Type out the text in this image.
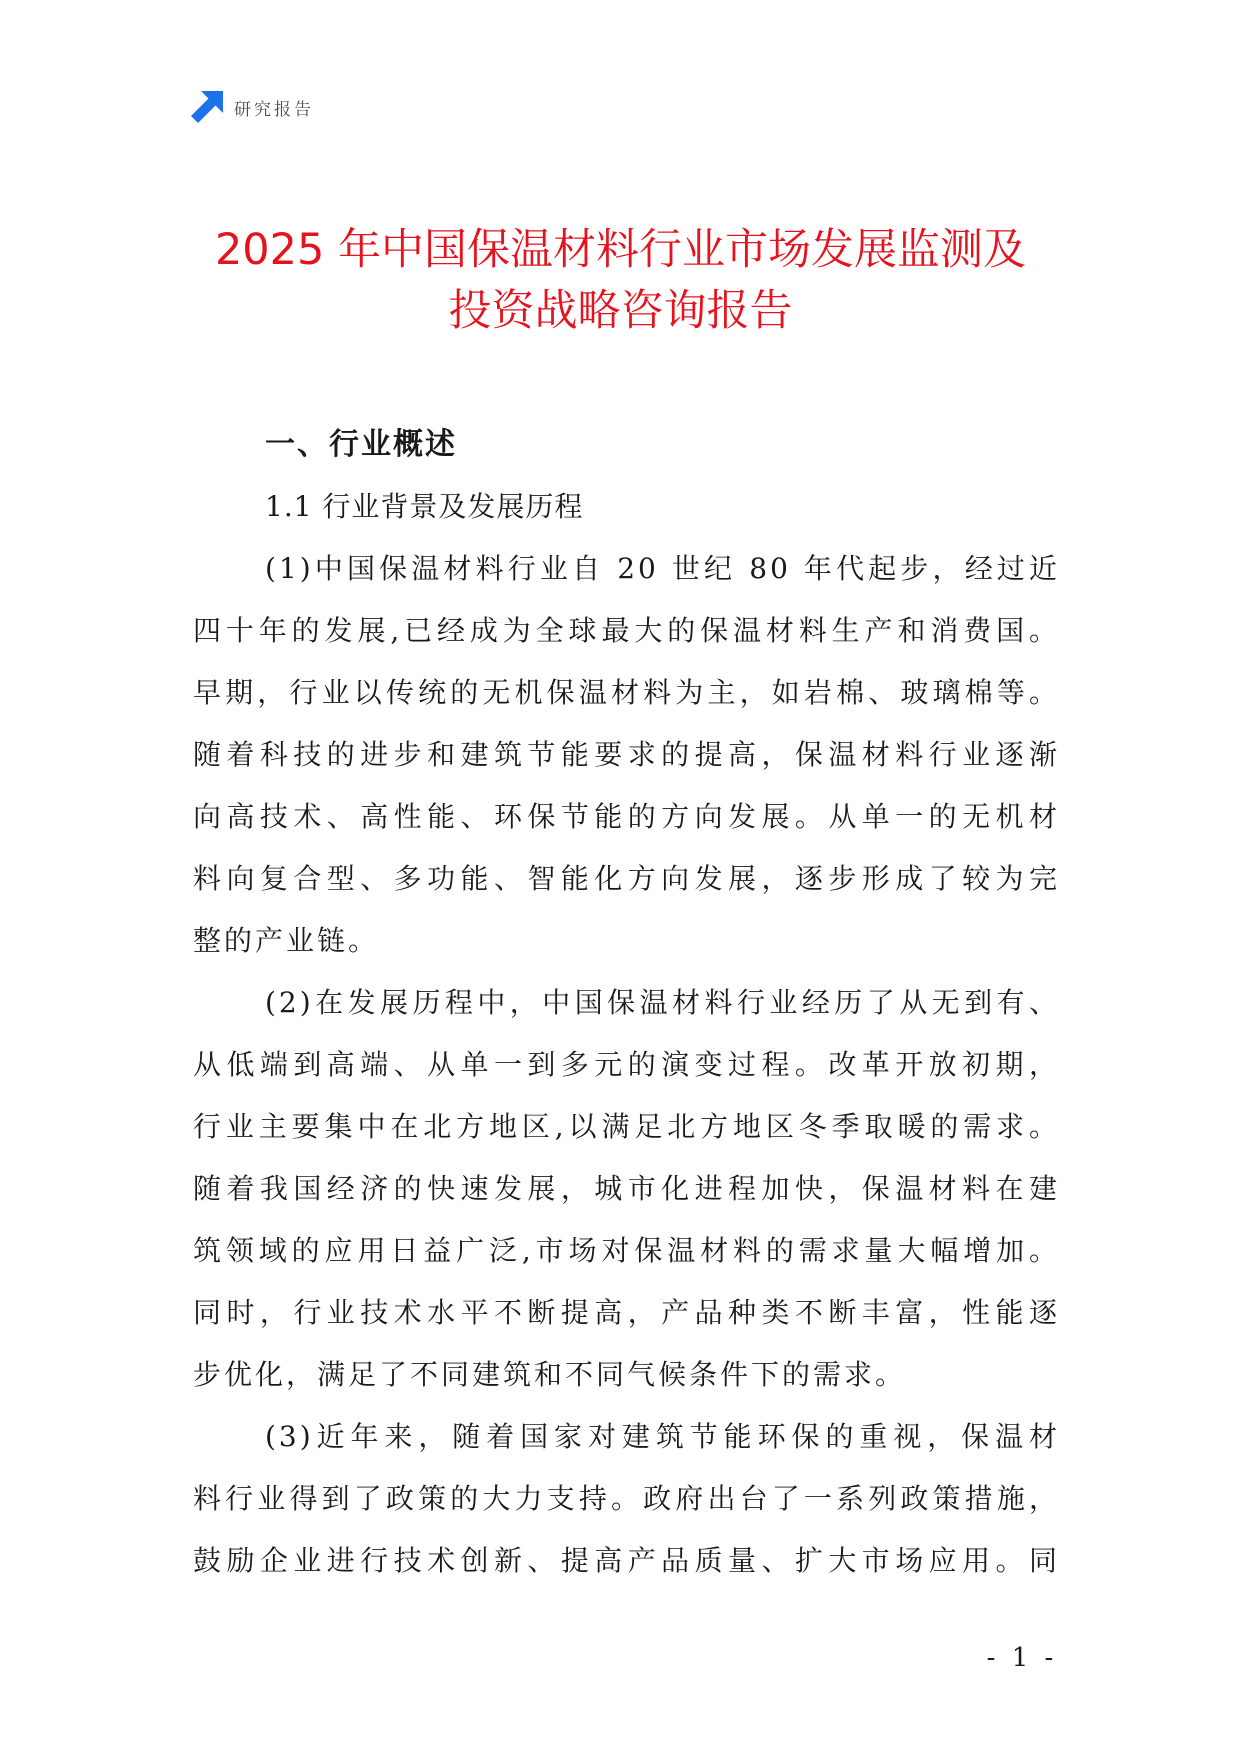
研究报告
2025 年中国保温材料行业市场发展监测及
投资战略咨询报告
一、行业概述
1.1 行业背景及发展历程
(1)中国保温材料行业自 20 世纪 80 年代起步，经过近
四十年的发展,已经成为全球最大的保温材料生产和消费国。
早期，行业以传统的无机保温材料为主，如岩棉、玻璃棉等。
随着科技的进步和建筑节能要求的提高，保温材料行业逐渐
向高技术、高性能、环保节能的方向发展。从单一的无机材
料向复合型、多功能、智能化方向发展，逐步形成了较为完
整的产业链。
(2)在发展历程中，中国保温材料行业经历了从无到有、
从低端到高端、从单一到多元的演变过程。改革开放初期，
行业主要集中在北方地区,以满足北方地区冬季取暖的需求。
随着我国经济的快速发展，城市化进程加快，保温材料在建
筑领域的应用日益广泛,市场对保温材料的需求量大幅增加。
同时，行业技术水平不断提高，产品种类不断丰富，性能逐
步优化，满足了不同建筑和不同气候条件下的需求。
(3)近年来，随着国家对建筑节能环保的重视，保温材
料行业得到了政策的大力支持。政府出台了一系列政策措施，
鼓励企业进行技术创新、提高产品质量、扩大市场应用。同
- 1 -
